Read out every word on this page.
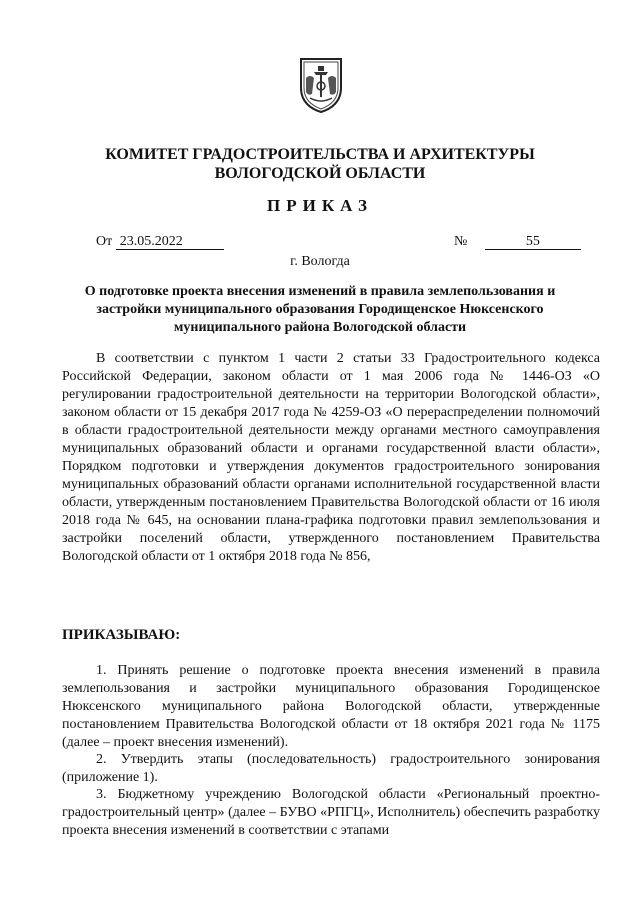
КОМИТЕТ ГРАДОСТРОИТЕЛЬСТВА И АРХИТЕКТУРЫ
ВОЛОГОДСКОЙ ОБЛАСТИ
ПРИКАЗ
От 23.05.2022	№	55
г. Вологда
О подготовке проекта внесения изменений в правила землепользования и застройки муниципального образования Городищенское Нюксенского муниципального района Вологодской области

В соответствии с пунктом 1 части 2 статьи 33 Градостроительного кодекса Российской Федерации, законом области от 1 мая 2006 года № 1446-ОЗ «О регулировании градостроительной деятельности на территории Вологодской области», законом области от 15 декабря 2017 года № 4259-ОЗ «О перераспределении полномочий в области градостроительной деятельности между органами местного самоуправления муниципальных образований области и органами государственной власти области», Порядком подготовки и утверждения документов градостроительного зонирования муниципальных образований области органами исполнительной государственной власти области, утвержденным постановлением Правительства Вологодской области от 16 июля 2018 года № 645, на основании плана-графика подготовки правил землепользования и застройки поселений области, утвержденного постановлением Правительства Вологодской области от 1 октября 2018 года № 856,

ПРИКАЗЫВАЮ:

1. Принять решение о подготовке проекта внесения изменений в правила землепользования и застройки муниципального образования Городищенское Нюксенского муниципального района Вологодской области, утвержденные постановлением Правительства Вологодской области от 18 октября 2021 года № 1175 (далее – проект внесения изменений).

2. Утвердить этапы (последовательность) градостроительного зонирования (приложение 1).

3. Бюджетному учреждению Вологодской области «Региональный проектно-градостроительный центр» (далее – БУВО «РПГЦ», Исполнитель) обеспечить разработку проекта внесения изменений в соответствии с этапами
